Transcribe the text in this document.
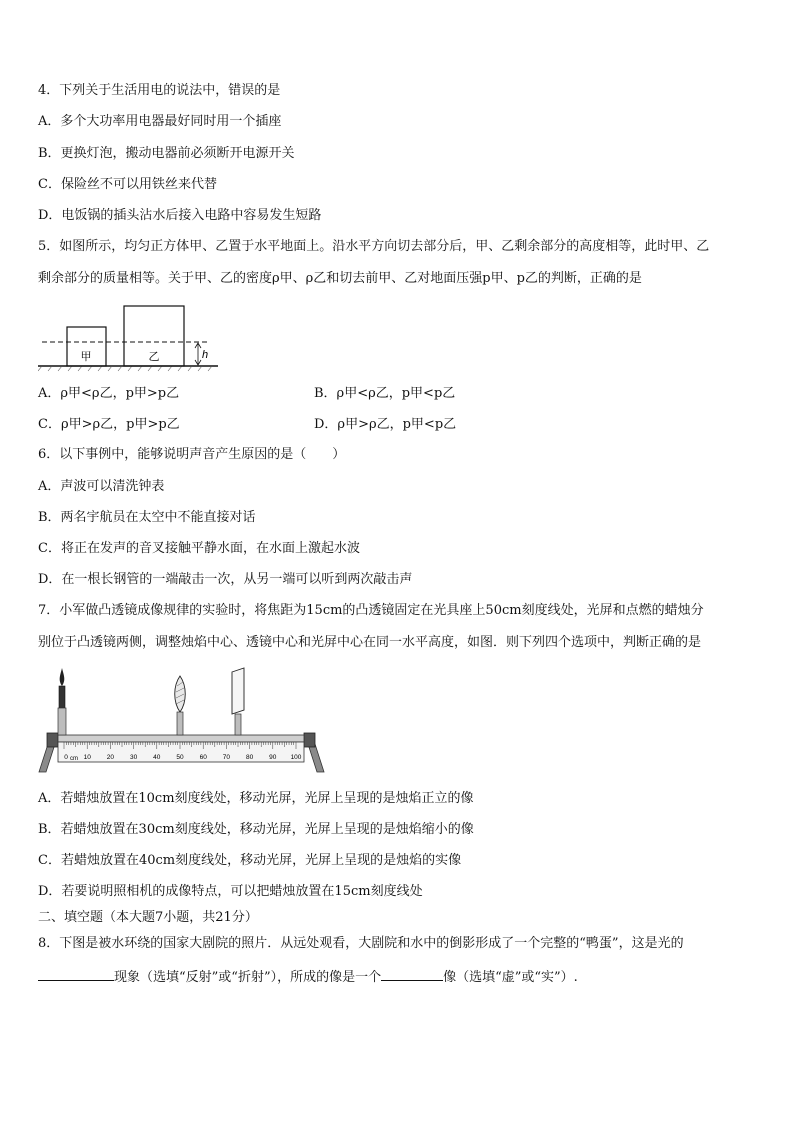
4．下列关于生活用电的说法中，错误的是
A．多个大功率用电器最好同时用一个插座
B．更换灯泡，搬动电器前必须断开电源开关
C．保险丝不可以用铁丝来代替
D．电饭锅的插头沾水后接入电路中容易发生短路
5．如图所示，均匀正方体甲、乙置于水平地面上。沿水平方向切去部分后，甲、乙剩余部分的高度相等，此时甲、乙
剩余部分的质量相等。关于甲、乙的密度ρ甲、ρ乙和切去前甲、乙对地面压强p甲、p乙的判断，正确的是
甲	乙	h
A．ρ甲<ρ乙，p甲>p乙	B．ρ甲<ρ乙，p甲<p乙
C．ρ甲>ρ乙，p甲>p乙	D．ρ甲>ρ乙，p甲<p乙
6．以下事例中，能够说明声音产生原因的是（　　）
A．声波可以清洗钟表
B．两名宇航员在太空中不能直接对话
C．将正在发声的音叉接触平静水面，在水面上激起水波
D．在一根长钢管的一端敲击一次，从另一端可以听到两次敲击声
7．小军做凸透镜成像规律的实验时，将焦距为15cm的凸透镜固定在光具座上50cm刻度线处，光屏和点燃的蜡烛分
别位于凸透镜两侧，调整烛焰中心、透镜中心和光屏中心在同一水平高度，如图．则下列四个选项中，判断正确的是
0 10 20 30 40 50 60 70 80 90 100
cm
A．若蜡烛放置在10cm刻度线处，移动光屏，光屏上呈现的是烛焰正立的像
B．若蜡烛放置在30cm刻度线处，移动光屏，光屏上呈现的是烛焰缩小的像
C．若蜡烛放置在40cm刻度线处，移动光屏，光屏上呈现的是烛焰的实像
D．若要说明照相机的成像特点，可以把蜡烛放置在15cm刻度线处
二、填空题（本大题7小题，共21分）
8．下图是被水环绕的国家大剧院的照片．从远处观看，大剧院和水中的倒影形成了一个完整的“鸭蛋”，这是光的
现象（选填“反射”或“折射”），所成的像是一个	像（选填“虚”或“实”）.
